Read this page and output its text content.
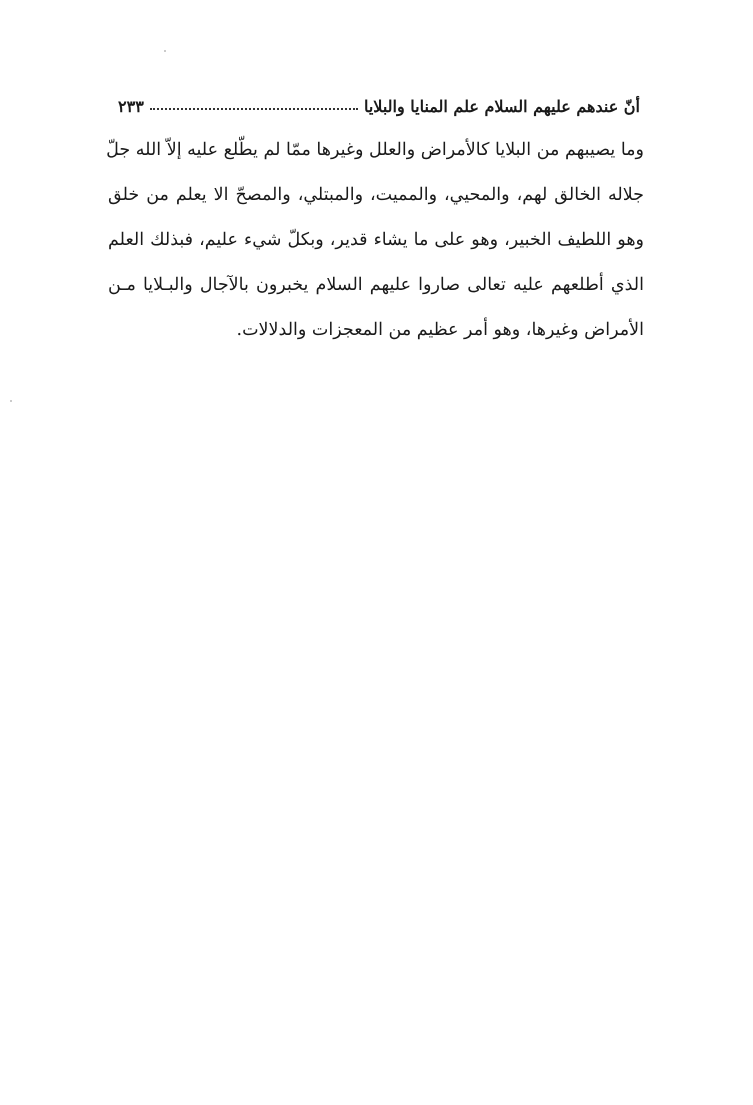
أنّ عندهم عليهم السلام علم المنايا والبلايا
٢٣٣
وما يصيبهم من البلايا كالأمراض والعلل وغيرها ممّا لم يطّلع عليه إلاّ الله جلّ
جلاله الخالق لهم، والمحيي، والمميت، والمبتلي، والمصحّ الا يعلم من خلق
وهو اللطيف الخبير، وهو على ما يشاء قدير، وبكلّ شيء عليم، فبذلك العلم
الذي أطلعهم عليه تعالى صاروا عليهم السلام يخبرون بالآجال والبـلايا مـن
الأمراض وغيرها، وهو أمر عظيم من المعجزات والدلالات.
